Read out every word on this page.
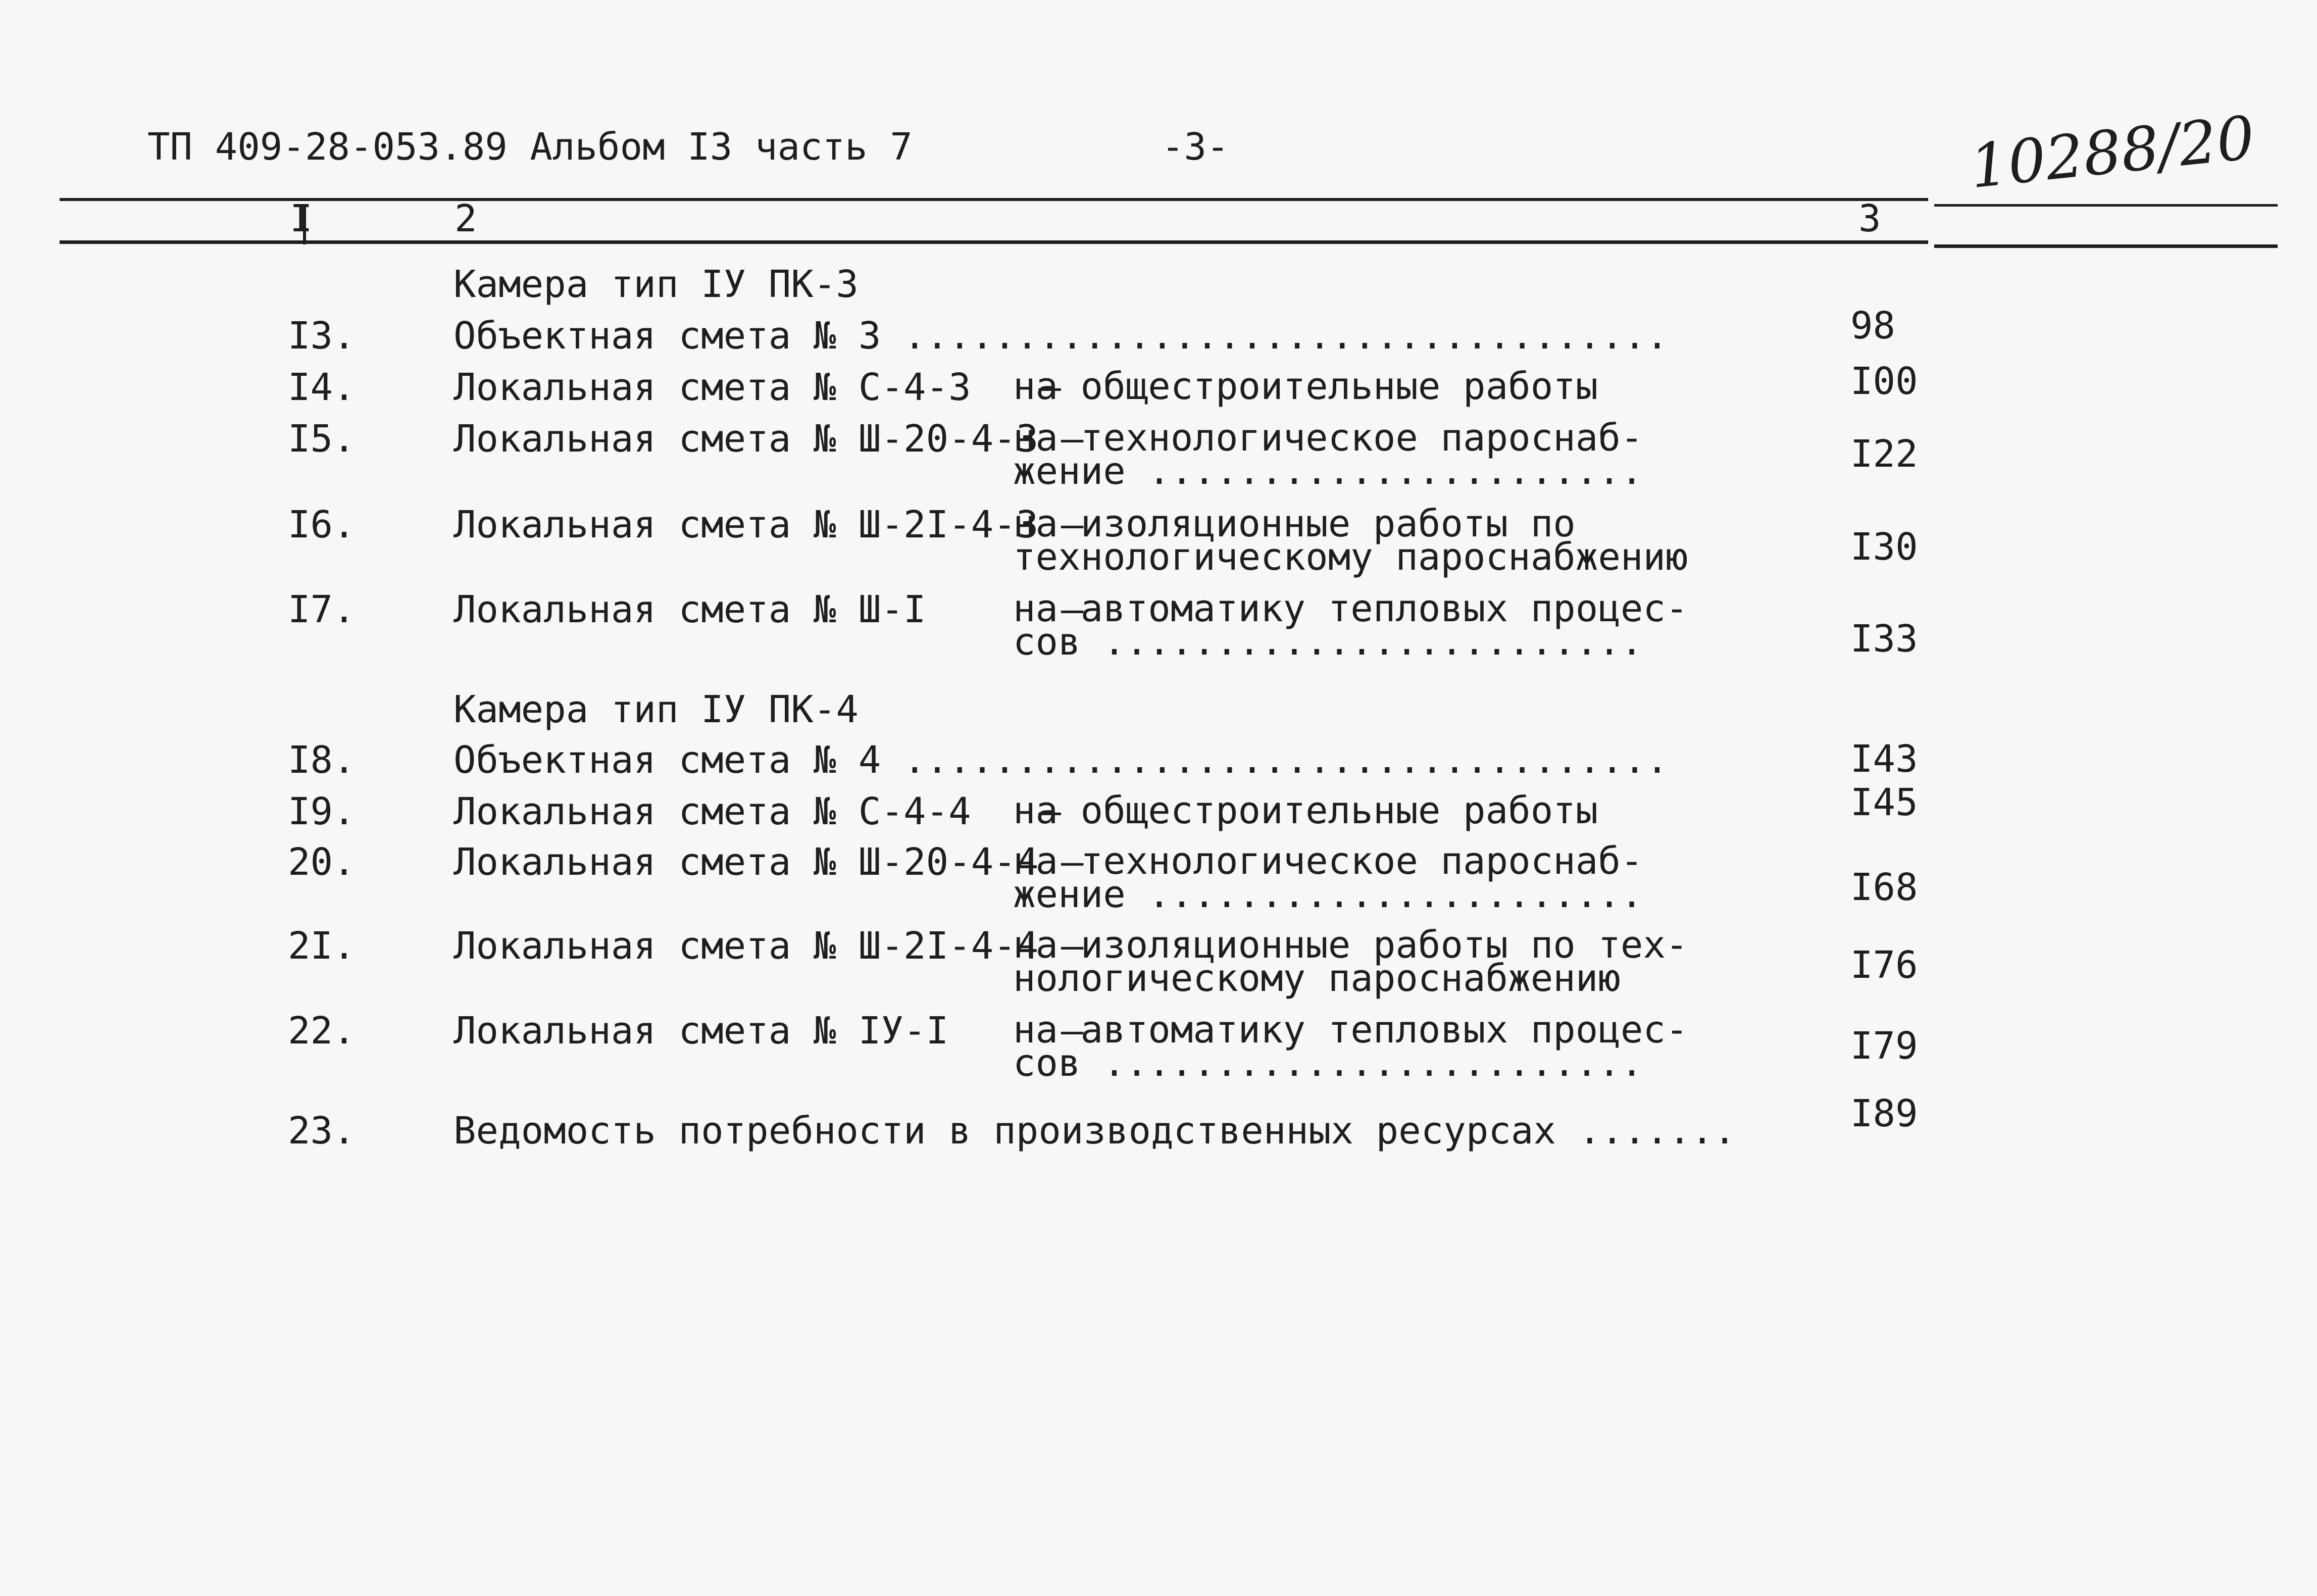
ТП 409-28-053.89 Альбом I3 часть 7	-3-	10288/20
I	2	3
Камера тип IУ ПК-3
I3.	Объектная смета № 3 ..................................	98
I4.	Локальная смета № С-4-3   –
на общестроительные работы	I00
I5.	Локальная смета № Ш-20-4-3 –
на технологическое пароснаб-
жение ......................	I22
I6.	Локальная смета № Ш-2I-4-3 –
на изоляционные работы по
технологическому пароснабжению	I30
I7.	Локальная смета № Ш-I      –
на автоматику тепловых процес-
сов ........................	I33
Камера тип IУ ПК-4
I8.	Объектная смета № 4 ..................................	I43
I9.	Локальная смета № С-4-4   –
на общестроительные работы	I45
20.	Локальная смета № Ш-20-4-4 –
на технологическое пароснаб-
жение ......................	I68
2I.	Локальная смета № Ш-2I-4-4 –
на изоляционные работы по тех-
нологическому пароснабжению	I76
22.	Локальная смета № IУ-I     –
на автоматику тепловых процес-
сов ........................	I79
23.	Ведомость потребности в производственных ресурсах .......	I89
